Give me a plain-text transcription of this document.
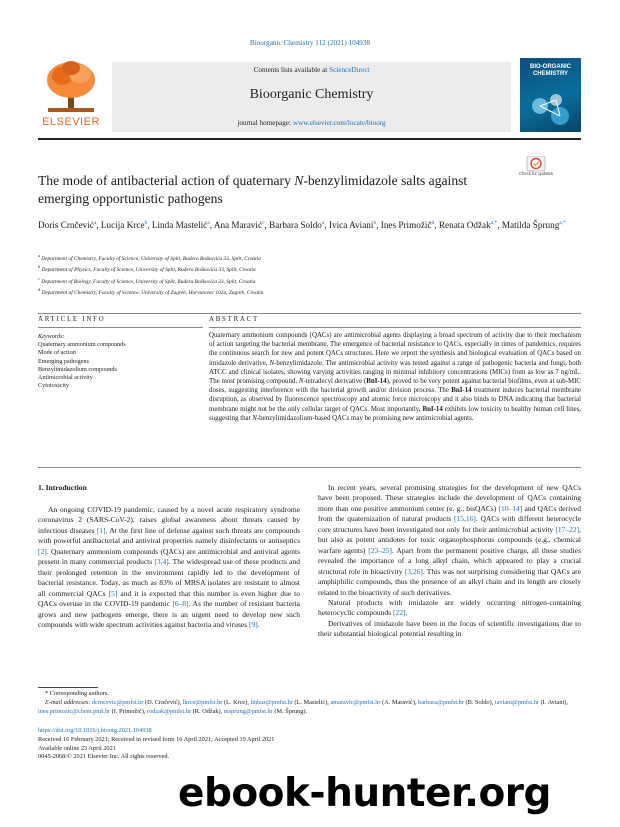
Bioorganic Chemistry 112 (2021) 104938
ELSEVIER
Contents lists available at ScienceDirect
Bioorganic Chemistry
journal homepage: www.elsevier.com/locate/bioorg
BIO-ORGANIC CHEMISTRY
The mode of antibacterial action of quaternary N-benzylimidazole salts against emerging opportunistic pathogens
Check for updates
Doris Crnčević$^a$, Lucija Krce$^b$, Linda Mastelić$^a$, Ana Maravić$^c$, Barbara Soldo$^a$, Ivica Aviani$^b$, Ines Primožič$^d$, Renata Odžak$^{a,*}$, Matilda Šprung$^{a,*}$
$^a$ Department of Chemistry, Faculty of Science, University of Split, Ruđera Boškovića 33, Split, Croatia
$^b$ Department of Physics, Faculty of Science, University of Split, Ruđera Boškovića 33, Split, Croatia
$^c$ Department of Biology, Faculty of Science, University of Split, Ruđera Boškovića 33, Split, Croatia
$^d$ Department of Chemistry, Faculty of Science, University of Zagreb, Horvatovac 102a, Zagreb, Croatia
ARTICLE INFO	ABSTRACT
Keywords:
Quaternary ammonium compounds
Mode of action
Emerging pathogens
Benzylimidazolium compounds
Antimicrobial activity
Cytotoxicity
Quaternary ammonium compounds (QACs) are antimicrobial agents displaying a broad spectrum of activity due to their mechanism of action targeting the bacterial membrane. The emergence of bacterial resistance to QACs, especially in times of pandemics, requires the continuous search for new and potent QACs structures. Here we report the synthesis and biological evaluation of QACs based on imidazole derivative, N-benzylimidazole. The antimicrobial activity was tested against a range of pathogenic bacteria and fungi, both ATCC and clinical isolates, showing varying activities ranging in minimal inhibitory concentrations (MICs) from as low as 7 ng/mL. The most promising compound, N-tetradecyl derivative (BnI-14), proved to be very potent against bacterial biofilms, even at sub-MIC doses, suggesting interference with the bacterial growth and/or division process. The BnI-14 treatment induces bacterial membrane disruption, as observed by fluorescence spectroscopy and atomic force microscopy and it also binds to DNA indicating that bacterial membrane might not be the only cellular target of QACs. Most importantly, BnI-14 exhibits low toxicity to healthy human cell lines, suggesting that N-benzylimidazolium-based QACs may be promising new antimicrobial agents.
1. Introduction

An ongoing COVID-19 pandemic, caused by a novel acute respiratory syndrome coronavirus 2 (SARS-CoV-2), raises global awareness about threats caused by infectious diseases [1]. At the first line of defense against such threats are compounds with powerful antibacterial and antiviral properties namely disinfectants or antiseptics [2]. Quaternary ammonium compounds (QACs) are antimicrobial and antiviral agents present in many commercial products [3,4]. The widespread use of these products and their prolonged retention in the environment rapidly led to the development of bacterial resistance. Today, as much as 83% of MRSA isolates are resistant to almost all commercial QACs [5] and it is expected that this number is even higher due to QACs overuse in the COVID-19 pandemic [6–8]. As the number of resistant bacteria grows and new pathogens emerge, there is an urgent need to develop new such compounds with wide spectrum activities against bacteria and viruses [9].

In recent years, several promising strategies for the development of new QACs have been proposed. These strategies include the development of QACs containing more than one positive ammonium center (e. g., bisQACs) [10–14] and QACs derived from the quaternization of natural products [15,16]. QACs with different heterocycle core structures have been investigated not only for their antimicrobial activity [17–22], but also as potent antidotes for toxic organophosphorus compounds (e.g., chemical warfare agents) [23–25]. Apart from the permanent positive charge, all these studies revealed the importance of a long alkyl chain, which appeared to play a crucial structural role in bioactivity [3,26]. This was not surprising considering that QACs are amphiphilic compounds, thus the presence of an alkyl chain and its length are closely related to the bioactivity of such derivatives.

Natural products with imidazole are widely occurring nitrogen-containing heterocyclic compounds [22].

Derivatives of imidazole have been in the focus of scientific investigations due to their substantial biological potential resulting in

* Corresponding authors.
E-mail addresses: dcrncevic@pmfst.hr (D. Crnčević), lkrce@pmfst.hr (L. Krce), linbaz@pmfst.hr (L. Mastelić), amaravic@pmfst.hr (A. Maravić), barbara@pmfst.hr (B. Soldo), iaviani@pmfst.hr (I. Aviani), ines.primozic@chem.pmf.hr (I. Primožič), rodzak@pmfst.hr (R. Odžak), msprung@pmfst.hr (M. Šprung).
https://doi.org/10.1016/j.bioorg.2021.104938
Received 16 February 2021; Received in revised form 16 April 2021; Accepted 19 April 2021
Available online 23 April 2021
0045-2068/© 2021 Elsevier Inc. All rights reserved.
ebook-hunter.org
